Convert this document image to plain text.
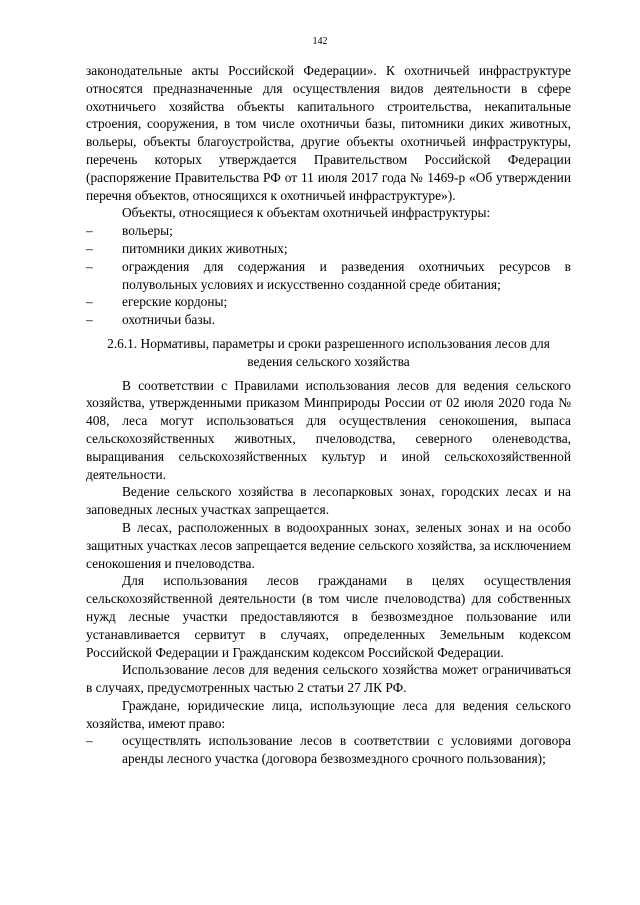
142

законодательные акты Российской Федерации». К охотничьей инфраструктуре относятся предназначенные для осуществления видов деятельности в сфере охотничьего хозяйства объекты капитального строительства, некапитальные строения, сооружения, в том числе охотничьи базы, питомники диких животных, вольеры, объекты благоустройства, другие объекты охотничьей инфраструктуры, перечень которых утверждается Правительством Российской Федерации (распоряжение Правительства РФ от 11 июля 2017 года № 1469-р «Об утверждении перечня объектов, относящихся к охотничьей инфраструктуре»).

Объекты, относящиеся к объектам охотничьей инфраструктуры:

–	вольеры;
–	питомники диких животных;
–	ограждения для содержания и разведения охотничьих ресурсов в полувольных условиях и искусственно созданной среде обитания;
–	егерские кордоны;
–	охотничьи базы.

2.6.1. Нормативы, параметры и сроки разрешенного использования лесов для ведения сельского хозяйства

В соответствии с Правилами использования лесов для ведения сельского хозяйства, утвержденными приказом Минприроды России от 02 июля 2020 года № 408, леса могут использоваться для осуществления сенокошения, выпаса сельскохозяйственных животных, пчеловодства, северного оленеводства, выращивания сельскохозяйственных культур и иной сельскохозяйственной деятельности.

Ведение сельского хозяйства в лесопарковых зонах, городских лесах и на заповедных лесных участках запрещается.

В лесах, расположенных в водоохранных зонах, зеленых зонах и на особо защитных участках лесов запрещается ведение сельского хозяйства, за исключением сенокошения и пчеловодства.

Для использования лесов гражданами в целях осуществления сельскохозяйственной деятельности (в том числе пчеловодства) для собственных нужд лесные участки предоставляются в безвозмездное пользование или устанавливается сервитут в случаях, определенных Земельным кодексом Российской Федерации и Гражданским кодексом Российской Федерации.

Использование лесов для ведения сельского хозяйства может ограничиваться в случаях, предусмотренных частью 2 статьи 27 ЛК РФ.

Граждане, юридические лица, использующие леса для ведения сельского хозяйства, имеют право:

–	осуществлять использование лесов в соответствии с условиями договора аренды лесного участка (договора безвозмездного срочного пользования);
